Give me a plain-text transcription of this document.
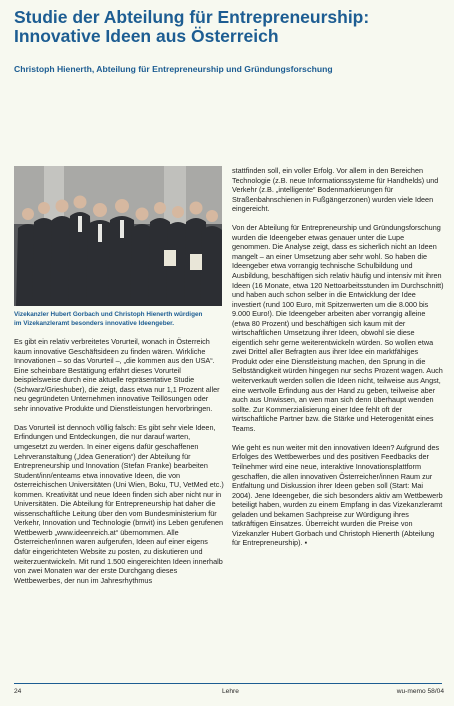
Studie der Abteilung für Entrepreneurship:
Innovative Ideen aus Österreich

Christoph Hienerth, Abteilung für Entrepreneurship und Gründungsforschung

Vizekanzler Hubert Gorbach und Christoph Hienerth würdigen
im Vizekanzleramt besonders innovative Ideengeber.

Es gibt ein relativ verbreitetes Vorurteil, wonach in Österreich kaum innovative Geschäftsideen zu finden wären. Wirkliche Innovationen – so das Vorurteil –, „die kommen aus den USA“. Eine scheinbare Bestätigung erfährt dieses Vorurteil beispielsweise durch eine aktuelle repräsentative Studie (Schwarz/Grieshuber), die zeigt, dass etwa nur 1,1 Prozent aller neu gegründeten Unternehmen innovative Teillösungen oder sehr innovative Produkte und Dienstleistungen hervorbringen.

Das Vorurteil ist dennoch völlig falsch: Es gibt sehr viele Ideen, Erfindungen und Entdeckungen, die nur darauf warten, umgesetzt zu werden. In einer eigens dafür geschaffenen Lehrveranstaltung („Idea Generation“) der Abteilung für Entrepreneurship und Innovation (Stefan Franke) bearbeiten Student/inn/enteams etwa innovative Ideen, die von österreichischen Universitäten (Uni Wien, Boku, TU, VetMed etc.) kommen. Kreativität und neue Ideen finden sich aber nicht nur in Universitäten. Die Abteilung für Entrepreneurship hat daher die wissenschaftliche Leitung über den vom Bundesministerium für Verkehr, Innovation und Technologie (bmvit) ins Leben gerufenen Wettbewerb „www.ideenreich.at“ übernommen. Alle Österreicher/innen waren aufgerufen, Ideen auf einer eigens dafür eingerichteten Website zu posten, zu diskutieren und weiterzuentwickeln. Mit rund 1.500 eingereichten Ideen innerhalb von zwei Monaten war der erste Durchgang dieses Wettbewerbes, der nun im Jahresrhythmus

stattfinden soll, ein voller Erfolg. Vor allem in den Bereichen Technologie (z.B. neue Informationssysteme für Handhelds) und Verkehr (z.B. „intelligente“ Bodenmarkierungen für Straßenbahnschienen in Fußgängerzonen) wurden viele Ideen eingereicht.

Von der Abteilung für Entrepreneurship und Gründungsforschung wurden die Ideengeber etwas genauer unter die Lupe genommen. Die Analyse zeigt, dass es sicherlich nicht an Ideen mangelt – an einer Umsetzung aber sehr wohl. So haben die Ideengeber etwa vorrangig technische Schulbildung und Ausbildung, beschäftigen sich relativ häufig und intensiv mit ihren Ideen (16 Monate, etwa 120 Nettoarbeitsstunden im Durchschnitt) und haben auch schon selber in die Entwicklung der Idee investiert (rund 100 Euro, mit Spitzenwerten um die 8.000 bis 9.000 Euro!). Die Ideengeber arbeiten aber vorrangig alleine (etwa 80 Prozent) und beschäftigen sich kaum mit der wirtschaftlichen Umsetzung ihrer Ideen, obwohl sie diese eigentlich sehr gerne weiterentwickeln würden. So wollen etwa zwei Drittel aller Befragten aus ihrer Idee ein marktfähiges Produkt oder eine Dienstleistung machen, den Sprung in die Selbständigkeit würden hingegen nur sechs Prozent wagen. Auch weiterverkauft werden sollen die Ideen nicht, teilweise aus Angst, eine wertvolle Erfindung aus der Hand zu geben, teilweise aber auch aus Unwissen, an wen man sich denn überhaupt wenden sollte. Zur Kommerzialisierung einer Idee fehlt oft der wirtschaftliche Partner bzw. die Stärke und Heterogenität eines Teams.

Wie geht es nun weiter mit den innovativen Ideen? Aufgrund des Erfolges des Wettbewerbes und des positiven Feedbacks der Teilnehmer wird eine neue, interaktive Innovationsplattform geschaffen, die allen innovativen Österreicher/innen Raum zur Entfaltung und Diskussion ihrer Ideen geben soll (Start: Mai 2004). Jene Ideengeber, die sich besonders aktiv am Wettbewerb beteiligt haben, wurden zu einem Empfang in das Vizekanzleramt geladen und bekamen Sachpreise zur Würdigung ihres tatkräftigen Einsatzes. Überreicht wurden die Preise von Vizekanzler Hubert Gorbach und Christoph Hienerth (Abteilung für Entrepreneurship). ▪

24	Lehre	wu-memo 58/04
